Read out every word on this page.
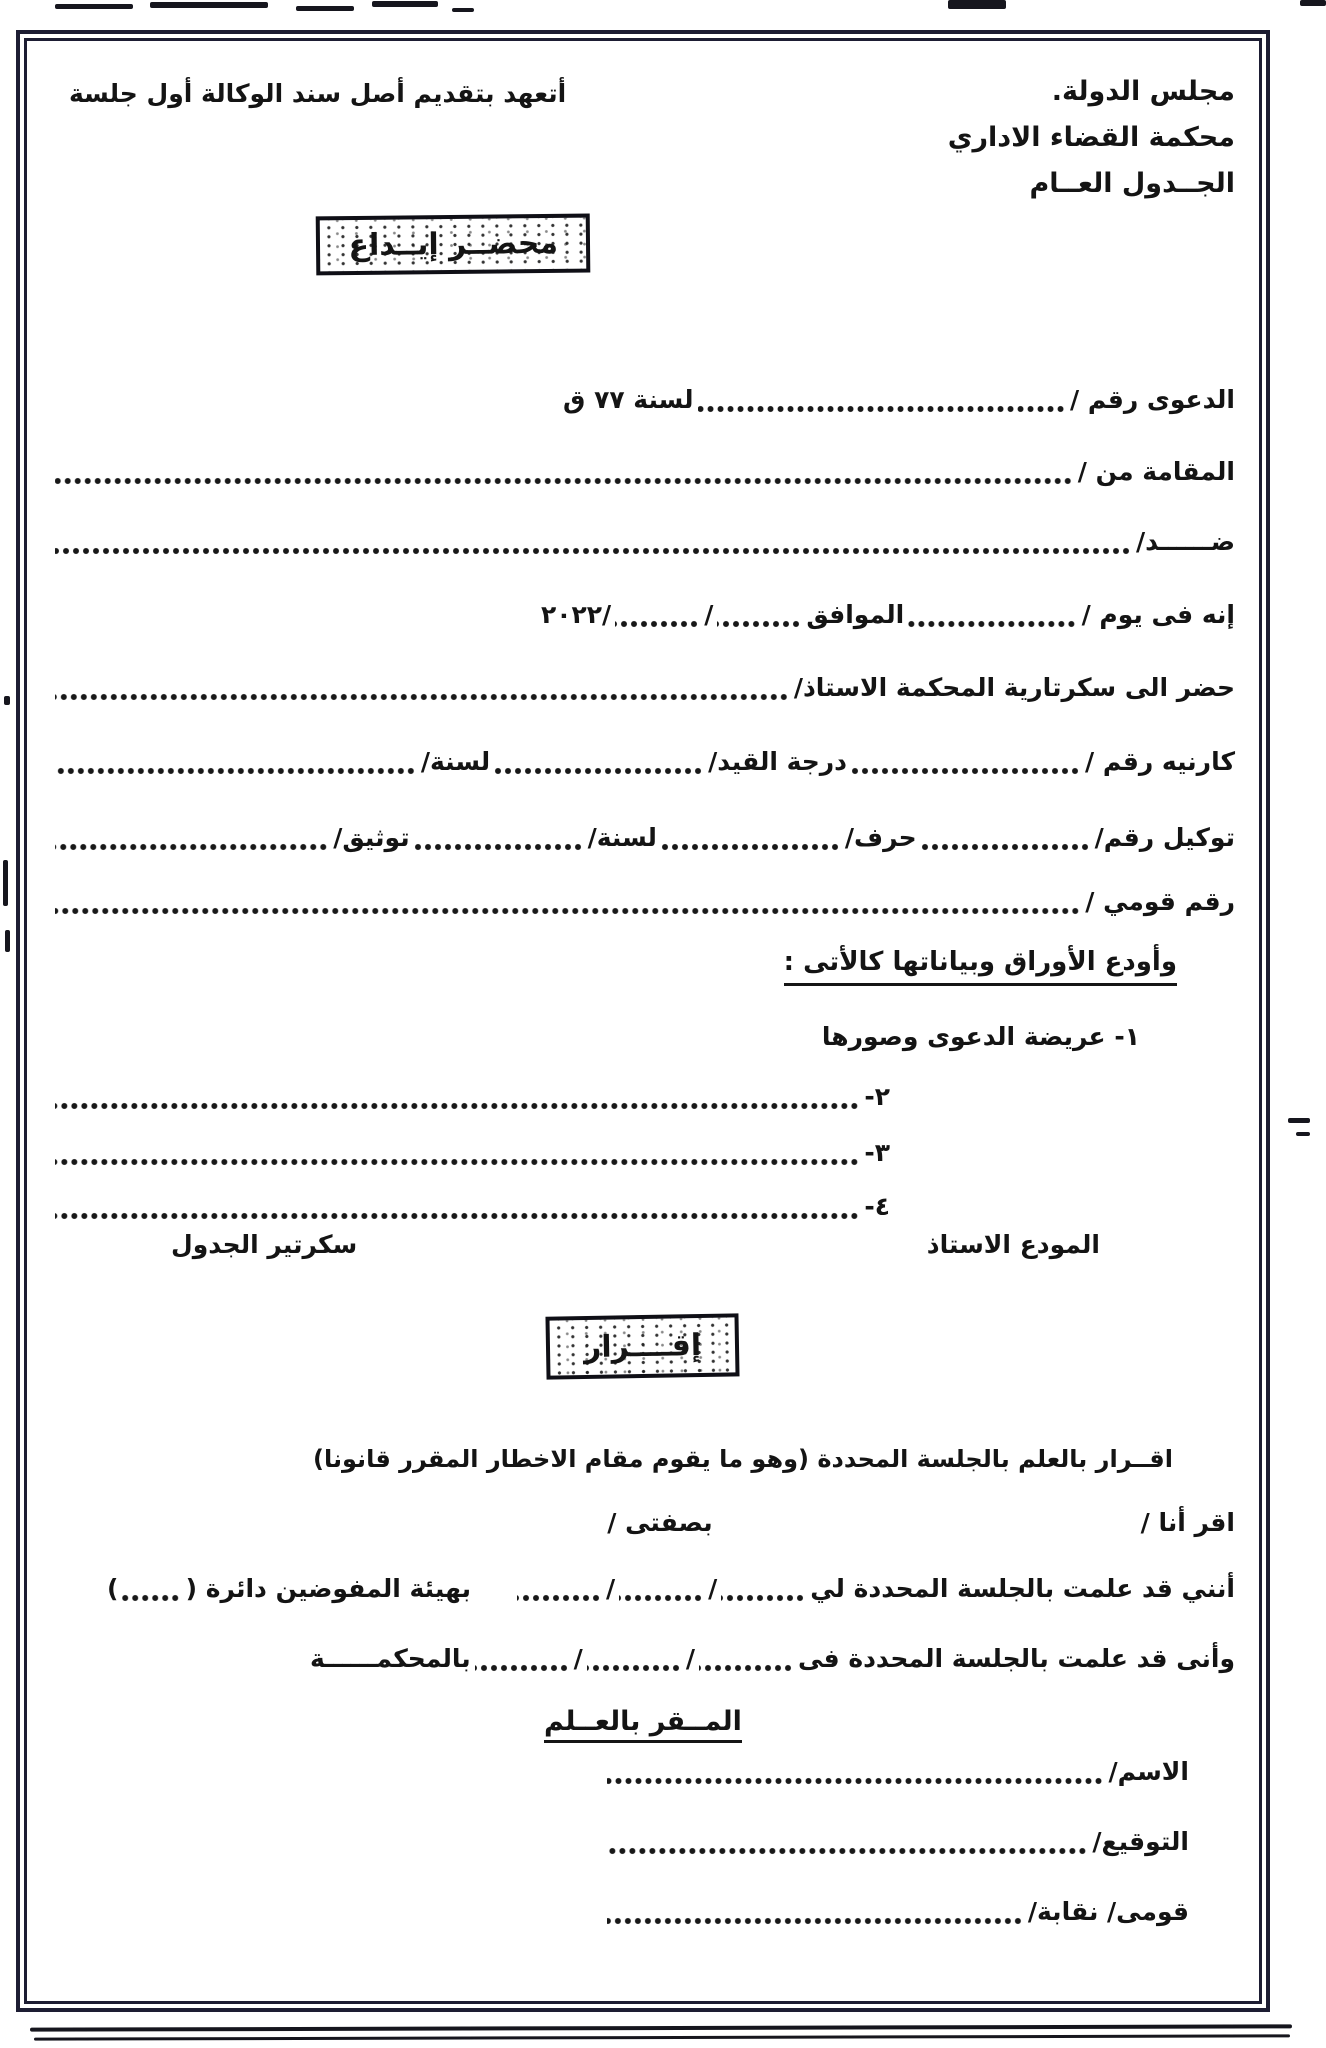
مجلس الدولة.
محكمة القضاء الاداري
الجــدول العــام
أتعهد بتقديم أصل سند الوكالة أول جلسة
محضــر إيــداع
الدعوى رقم /
لسنة ٧٧ ق
المقامة من /
ضــــــد/
إنه فى يوم /
الموافق
/
/
٢٠٢٢
حضر الى سكرتارية المحكمة الاستاذ/
كارنيه رقم /
درجة القيد/
لسنة/
توكيل رقم/
حرف/
لسنة/
توثيق/
رقم قومي /
وأودع الأوراق وبياناتها كالأتى :
١- عريضة الدعوى وصورها
٢-
٣-
٤-
المودع الاستاذ
سكرتير الجدول
إقــــرار
اقــرار بالعلم بالجلسة المحددة (وهو ما يقوم مقام الاخطار المقرر قانونا)
اقر أنا /
بصفتى /
أنني قد علمت بالجلسة المحددة لي
/
/
بهيئة المفوضين دائرة (
)
وأنى قد علمت بالجلسة المحددة فى
/
/
بالمحكمــــــة
المــقر بالعــلم
الاسم/
التوقيع/
قومى/ نقابة/
